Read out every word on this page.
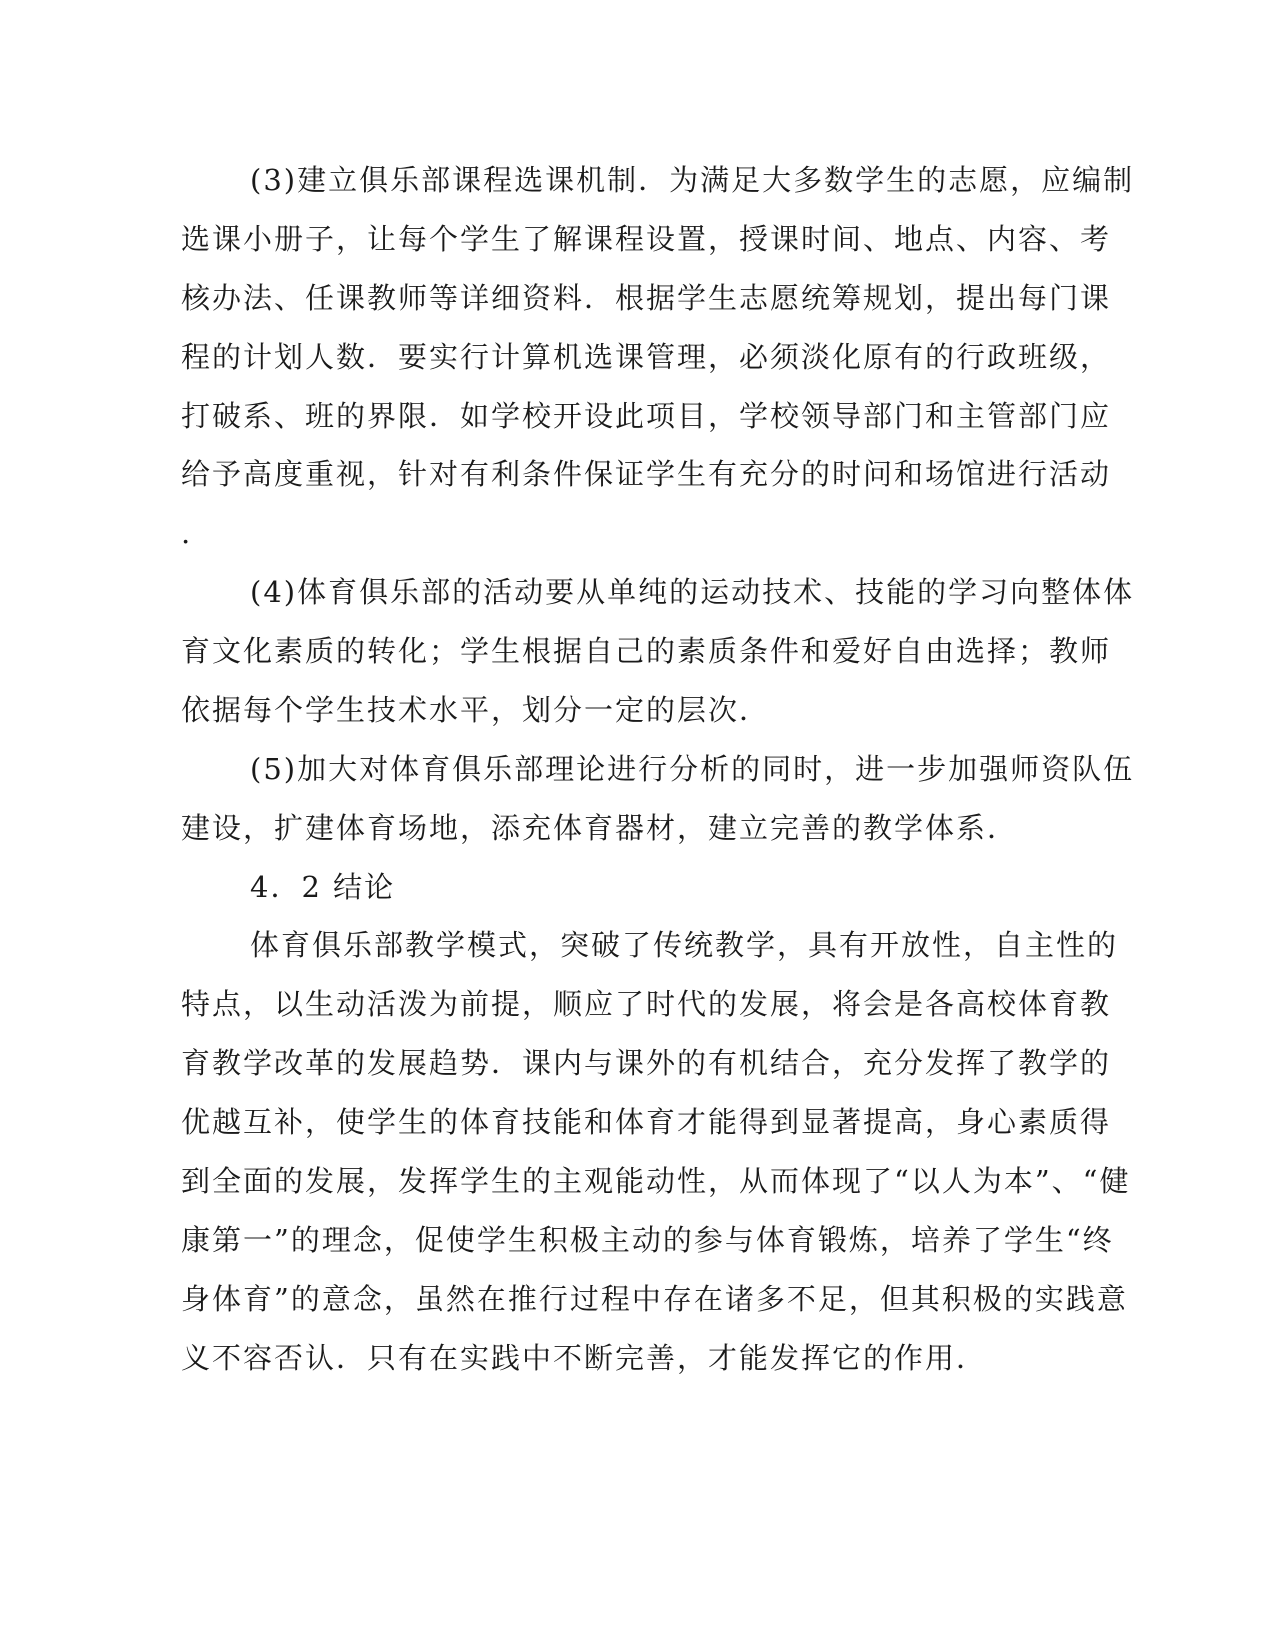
(3)建立俱乐部课程选课机制．为满足大多数学生的志愿，应编制

选课小册子，让每个学生了解课程设置，授课时间、地点、内容、考

核办法、任课教师等详细资料．根据学生志愿统筹规划，提出每门课

程的计划人数．要实行计算机选课管理，必须淡化原有的行政班级，

打破系、班的界限．如学校开设此项目，学校领导部门和主管部门应

给予高度重视，针对有利条件保证学生有充分的时问和场馆进行活动

.

(4)体育俱乐部的活动要从单纯的运动技术、技能的学习向整体体

育文化素质的转化；学生根据自己的素质条件和爱好自由选择；教师

依据每个学生技术水平，划分一定的层次．

(5)加大对体育俱乐部理论进行分析的同时，进一步加强师资队伍

建设，扩建体育场地，添充体育器材，建立完善的教学体系．

4．2 结论

体育俱乐部教学模式，突破了传统教学，具有开放性，自主性的

特点，以生动活泼为前提，顺应了时代的发展，将会是各高校体育教

育教学改革的发展趋势．课内与课外的有机结合，充分发挥了教学的

优越互补，使学生的体育技能和体育才能得到显著提高，身心素质得

到全面的发展，发挥学生的主观能动性，从而体现了“以人为本”、“健

康第一”的理念，促使学生积极主动的参与体育锻炼，培养了学生“终

身体育”的意念，虽然在推行过程中存在诸多不足，但其积极的实践意

义不容否认．只有在实践中不断完善，才能发挥它的作用．
